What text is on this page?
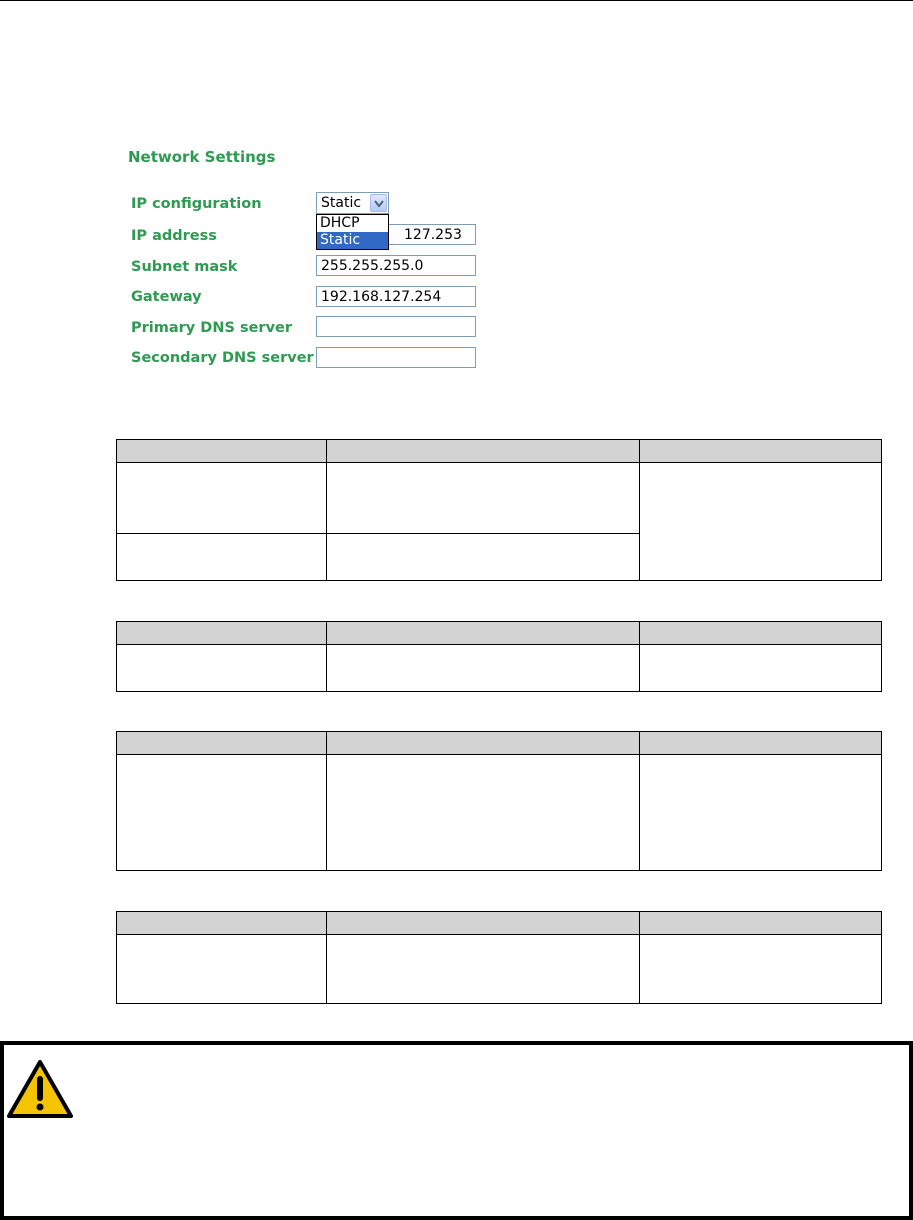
Network Settings
IP configuration	Static
DHCP
Static
IP address	127.253
Subnet mask	255.255.255.0
Gateway	192.168.127.254
Primary DNS server
Secondary DNS server
